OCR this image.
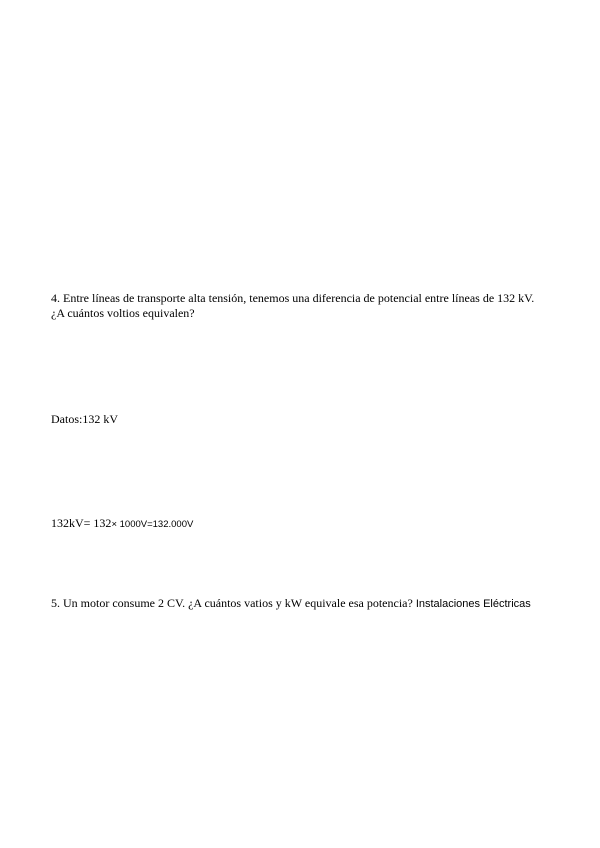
4. Entre líneas de transporte alta tensión, tenemos una diferencia de potencial entre líneas de 132 kV.
¿A cuántos voltios equivalen?
Datos:132 kV
132kV= 132× 1000V=132.000V
5. Un motor consume 2 CV. ¿A cuántos vatios y kW equivale esa potencia? Instalaciones Eléctricas
